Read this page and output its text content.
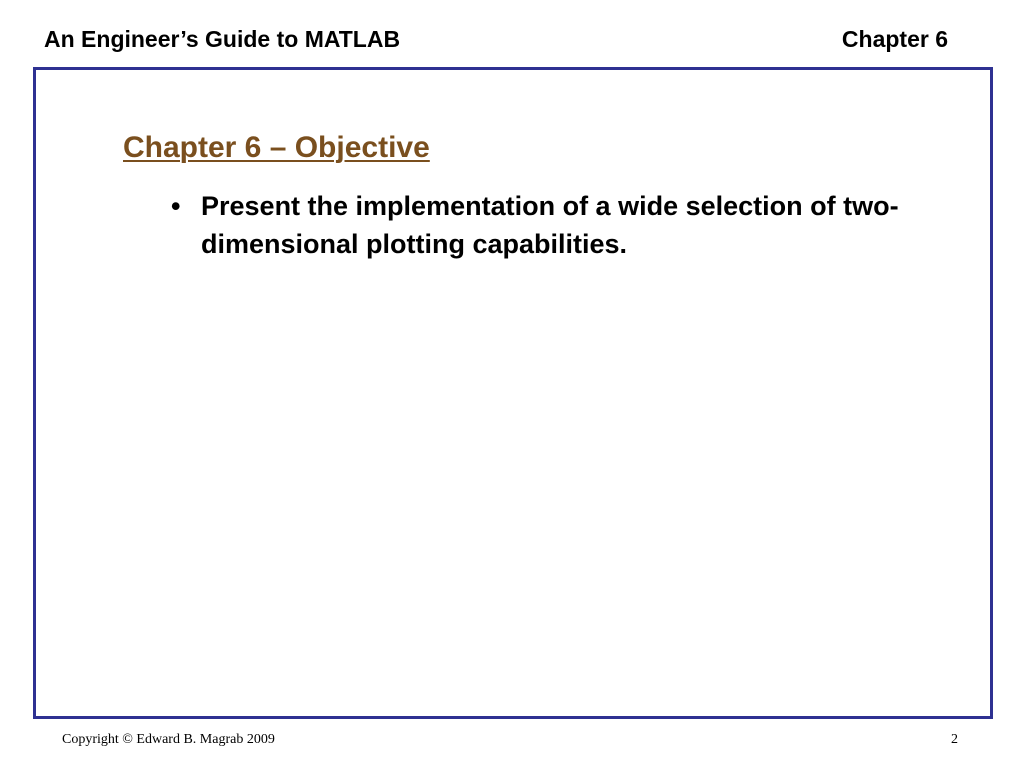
An Engineer’s Guide to MATLAB	Chapter 6
Chapter 6 – Objective
• Present the implementation of a wide selection of two-dimensional plotting capabilities.
Copyright © Edward B. Magrab 2009	2
